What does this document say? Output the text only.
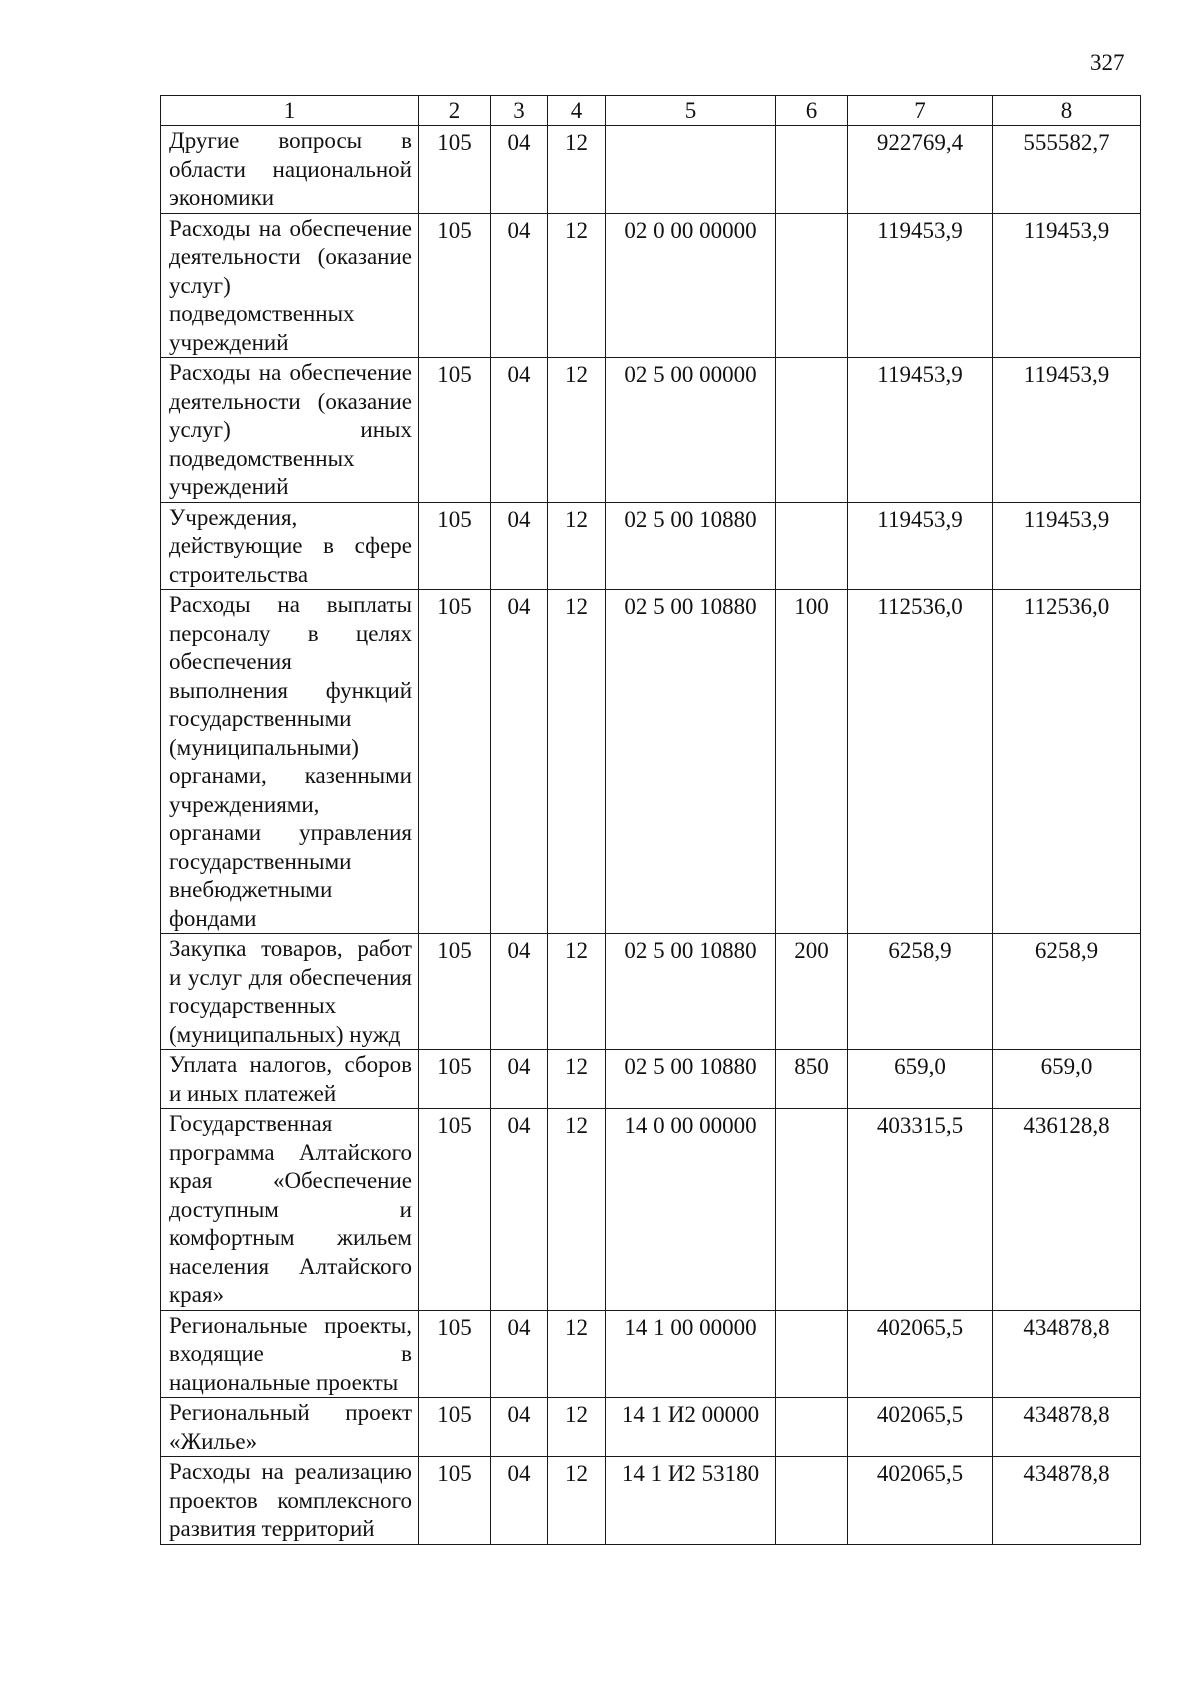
327
1	2	3	4	5	6	7	8
Другие вопросы в области национальной экономики	105	04	12			922769,4	555582,7
Расходы на обеспечение деятельности (оказание услуг) подведомственных учреждений	105	04	12	02 0 00 00000		119453,9	119453,9
Расходы на обеспечение деятельности (оказание услуг) иных подведомственных учреждений	105	04	12	02 5 00 00000		119453,9	119453,9
Учреждения, действующие в сфере строительства	105	04	12	02 5 00 10880		119453,9	119453,9
Расходы на выплаты персоналу в целях обеспечения выполнения функций государственными (муниципальными) органами, казенными учреждениями, органами управления государственными внебюджетными фондами	105	04	12	02 5 00 10880	100	112536,0	112536,0
Закупка товаров, работ и услуг для обеспечения государственных (муниципальных) нужд	105	04	12	02 5 00 10880	200	6258,9	6258,9
Уплата налогов, сборов и иных платежей	105	04	12	02 5 00 10880	850	659,0	659,0
Государственная программа Алтайского края «Обеспечение доступным и комфортным жильем населения Алтайского края»	105	04	12	14 0 00 00000		403315,5	436128,8
Региональные проекты, входящие в национальные проекты	105	04	12	14 1 00 00000		402065,5	434878,8
Региональный проект «Жилье»	105	04	12	14 1 И2 00000		402065,5	434878,8
Расходы на реализацию проектов комплексного развития территорий	105	04	12	14 1 И2 53180		402065,5	434878,8
